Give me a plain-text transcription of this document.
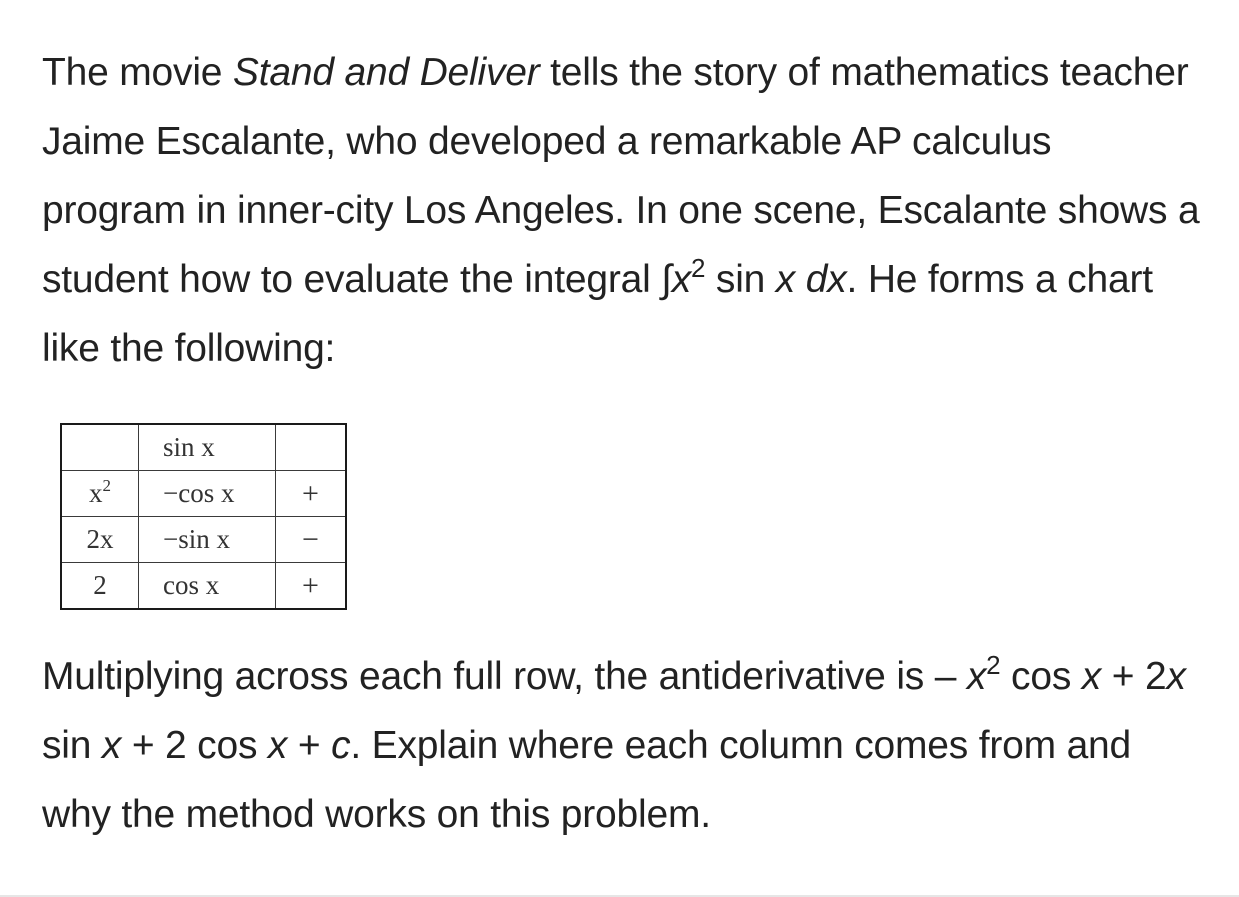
The movie Stand and Deliver tells the story of mathematics teacher Jaime Escalante, who developed a remarkable AP calculus program in inner-city Los Angeles. In one scene, Escalante shows a student how to evaluate the integral $\int x^2$ sin x dx. He forms a chart like the following:

	sin x	
$x^2$	−cos x	+
2x	−sin x	−
2	cos x	+

Multiplying across each full row, the antiderivative is – $x^2$ cos x + 2x sin x + 2 cos x + c. Explain where each column comes from and why the method works on this problem.
